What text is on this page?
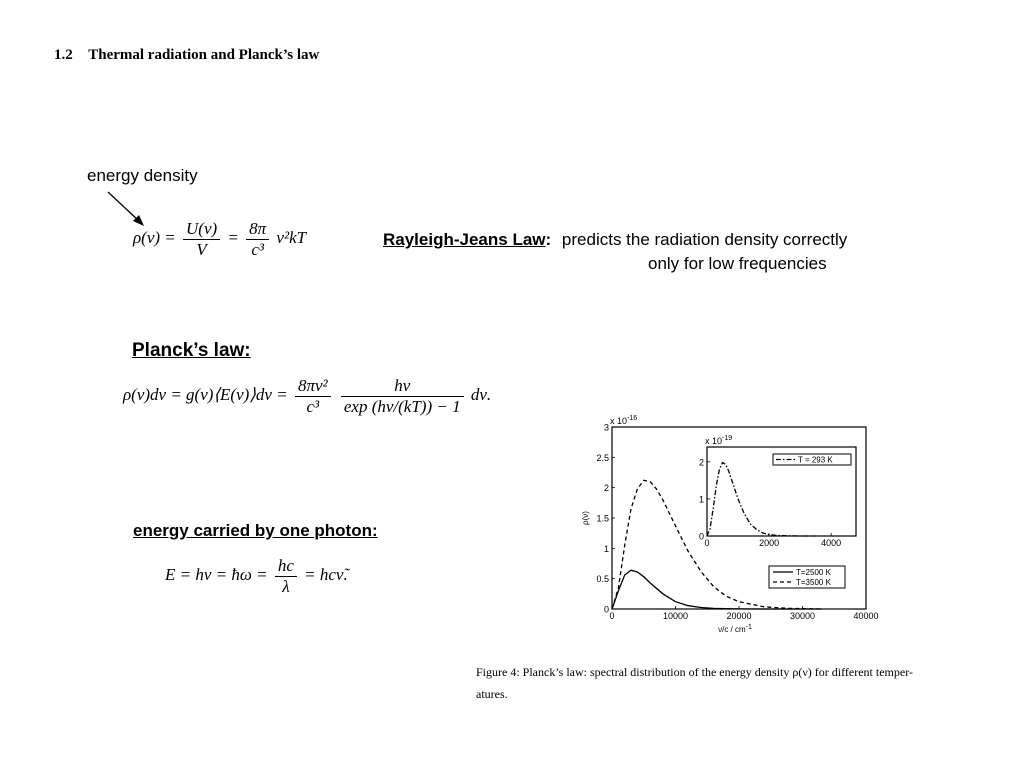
1.2 Thermal radiation and Planck’s law
energy density
$\rho(\nu) = \frac{U(\nu)}{V} = \frac{8\pi}{\text{c³}} \nu^2kT$	Rayleigh-Jeans Law: predicts the radiation density correctly
only for low frequencies
Planck’s law:
ρ(ν)dν = g(ν)⟨E(ν)⟩dν = $\frac{\text{8πν²}}{\text{c³}}$
$\frac{h\nu}{\exp (h\nu/(kT)) - 1} d\nu$.
energy carried by one photon:
E = hν = ħω = $\frac{hc}{\lambda}$ = hcν̃.
0	10000	20000	30000	40000
0
0.5
1
1.5
2
2.5
3
x $10^{-16}$
ν/c / cm-1
ρ(ν)
T=2500 K
T=3500 K
0	2000	4000
0
1
2
x $10^{-19}$
T = 293 K
Figure 4: Planck’s law: spectral distribution of the energy density ρ(ν) for different temper-
atures.
